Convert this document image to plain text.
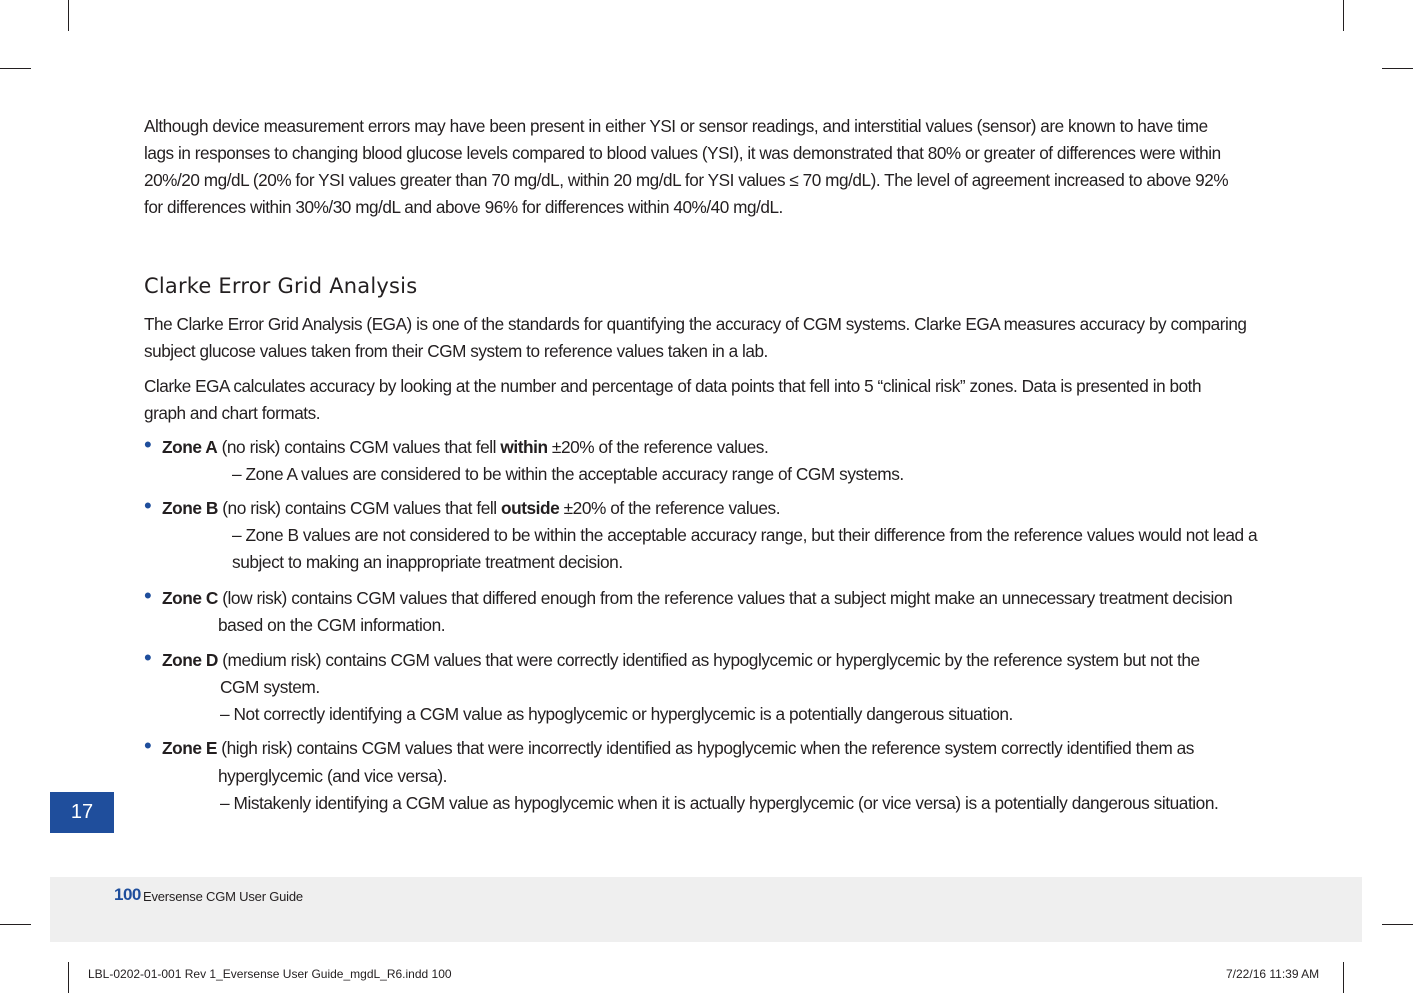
Although device measurement errors may have been present in either YSI or sensor readings, and interstitial values (sensor) are known to have time

lags in responses to changing blood glucose levels compared to blood values (YSI), it was demonstrated that 80% or greater of differences were within

20%/20 mg/dL (20% for YSI values greater than 70 mg/dL, within 20 mg/dL for YSI values ≤ 70 mg/dL). The level of agreement increased to above 92%

for differences within 30%/30 mg/dL and above 96% for differences within 40%/40 mg/dL.

Clarke Error Grid Analysis

The Clarke Error Grid Analysis (EGA) is one of the standards for quantifying the accuracy of CGM systems. Clarke EGA measures accuracy by comparing

subject glucose values taken from their CGM system to reference values taken in a lab.

Clarke EGA calculates accuracy by looking at the number and percentage of data points that fell into 5 “clinical risk” zones. Data is presented in both

graph and chart formats.

• Zone A (no risk) contains CGM values that fell within ±20% of the reference values.
– Zone A values are considered to be within the acceptable accuracy range of CGM systems.
• Zone B (no risk) contains CGM values that fell outside ±20% of the reference values.
– Zone B values are not considered to be within the acceptable accuracy range, but their difference from the reference values would not lead a
subject to making an inappropriate treatment decision.
• Zone C (low risk) contains CGM values that differed enough from the reference values that a subject might make an unnecessary treatment decision
based on the CGM information.
• Zone D (medium risk) contains CGM values that were correctly identified as hypoglycemic or hyperglycemic by the reference system but not the
CGM system.
– Not correctly identifying a CGM value as hypoglycemic or hyperglycemic is a potentially dangerous situation.
• Zone E (high risk) contains CGM values that were incorrectly identified as hypoglycemic when the reference system correctly identified them as
hyperglycemic (and vice versa).
– Mistakenly identifying a CGM value as hypoglycemic when it is actually hyperglycemic (or vice versa) is a potentially dangerous situation.
17
100 Eversense CGM User Guide
LBL-0202-01-001 Rev 1_Eversense User Guide_mgdL_R6.indd 100	7/22/16 11:39 AM
